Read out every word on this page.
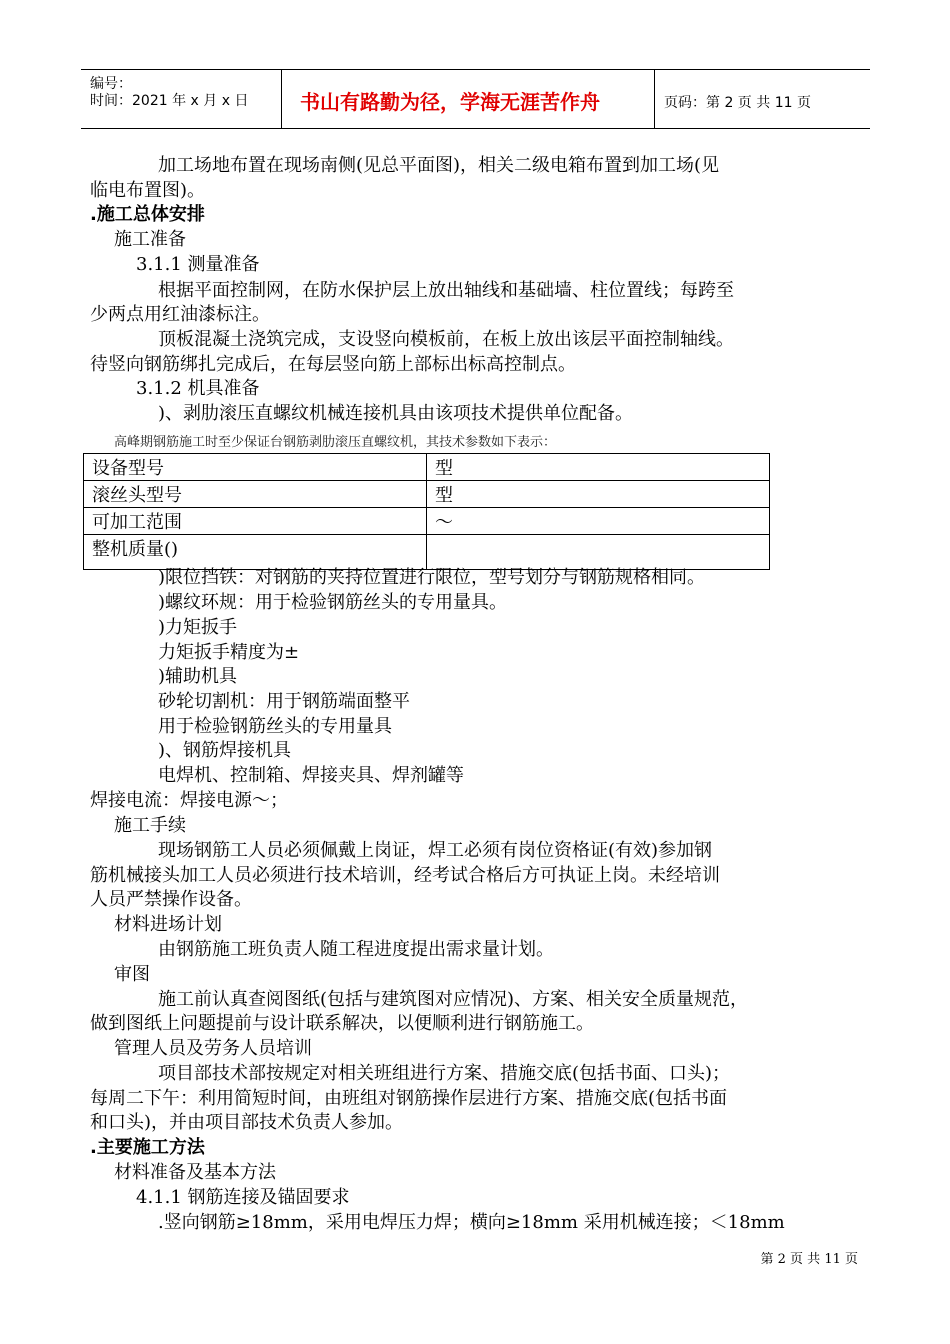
编号：
时间：2021 年 x 月 x 日	书山有路勤为径，学海无涯苦作舟	页码：第 2 页 共 11 页
加工场地布置在现场南侧(见总平面图)，相关二级电箱布置到加工场(见
临电布置图)。
.施工总体安排
施工准备
3.1.1 测量准备
根据平面控制网，在防水保护层上放出轴线和基础墙、柱位置线；每跨至
少两点用红油漆标注。
顶板混凝土浇筑完成，支设竖向模板前，在板上放出该层平面控制轴线。
待竖向钢筋绑扎完成后，在每层竖向筋上部标出标高控制点。
3.1.2 机具准备
)、剥肋滚压直螺纹机械连接机具由该项技术提供单位配备。
高峰期钢筋施工时至少保证台钢筋剥肋滚压直螺纹机，其技术参数如下表示：
设备型号	型
滚丝头型号	型
可加工范围	～
整机质量()	
)限位挡铁：对钢筋的夹持位置进行限位，型号划分与钢筋规格相同。
)螺纹环规：用于检验钢筋丝头的专用量具。
)力矩扳手
力矩扳手精度为±
)辅助机具
砂轮切割机：用于钢筋端面整平
用于检验钢筋丝头的专用量具
)、钢筋焊接机具
电焊机、控制箱、焊接夹具、焊剂罐等
焊接电流：焊接电源～；
施工手续
现场钢筋工人员必须佩戴上岗证，焊工必须有岗位资格证(有效)参加钢
筋机械接头加工人员必须进行技术培训，经考试合格后方可执证上岗。未经培训
人员严禁操作设备。
材料进场计划
由钢筋施工班负责人随工程进度提出需求量计划。
审图
施工前认真查阅图纸(包括与建筑图对应情况)、方案、相关安全质量规范，
做到图纸上问题提前与设计联系解决，以便顺利进行钢筋施工。
管理人员及劳务人员培训
项目部技术部按规定对相关班组进行方案、措施交底(包括书面、口头)；
每周二下午：利用简短时间，由班组对钢筋操作层进行方案、措施交底(包括书面
和口头)，并由项目部技术负责人参加。
.主要施工方法
材料准备及基本方法
4.1.1 钢筋连接及锚固要求
.竖向钢筋≥18mm，采用电焊压力焊；横向≥18mm 采用机械连接；＜18mm
第 2 页 共 11 页
